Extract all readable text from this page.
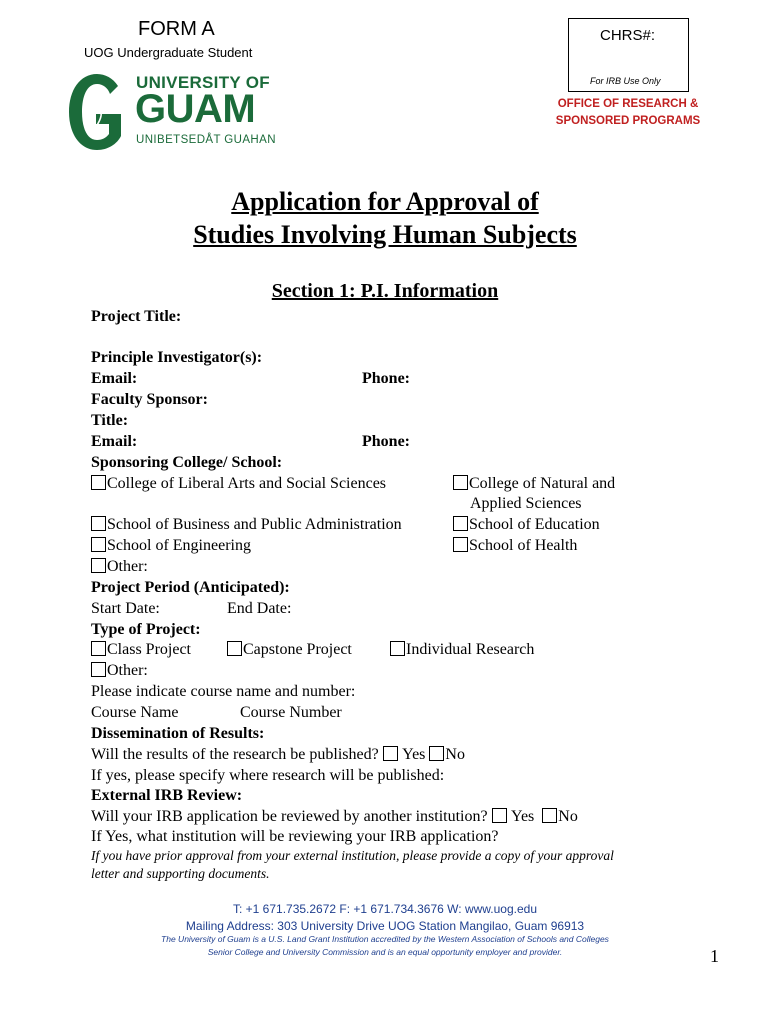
FORM A
UOG Undergraduate Student
CHRS#:
For IRB Use Only
OFFICE OF RESEARCH &
SPONSORED PROGRAMS
UNIVERSITY OF
GUAM
UNIBETSEDÅT GUAHAN
Application for Approval of
Studies Involving Human Subjects
Section 1: P.I. Information
Project Title:
Principle Investigator(s):
Email:	Phone:
Faculty Sponsor:
Title:
Email:	Phone:
Sponsoring College/ School:
College of Liberal Arts and Social Sciences	College of Natural and
Applied Sciences
School of Business and Public Administration	School of Education
School of Engineering	School of Health
Other:
Project Period (Anticipated):
Start Date:	End Date:
Type of Project:
Class Project	Capstone Project	Individual Research
Other:
Please indicate course name and number:
Course Name	Course Number
Dissemination of Results:
Will the results of the research be published? Yes No
If yes, please specify where research will be published:
External IRB Review:
Will your IRB application be reviewed by another institution? Yes No
If Yes, what institution will be reviewing your IRB application?
If you have prior approval from your external institution, please provide a copy of your approval
letter and supporting documents.
T: +1 671.735.2672 F: +1 671.734.3676 W: www.uog.edu
Mailing Address: 303 University Drive UOG Station Mangilao, Guam 96913
The University of Guam is a U.S. Land Grant Institution accredited by the Western Association of Schools and Colleges
Senior College and University Commission and is an equal opportunity employer and provider.	1
